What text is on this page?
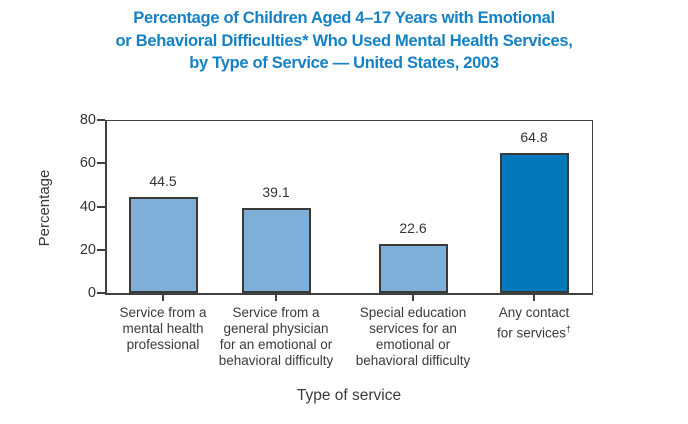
Percentage of Children Aged 4–17 Years with Emotional
or Behavioral Difficulties* Who Used Mental Health Services,
by Type of Service — United States, 2003
Percentage
0
20
40
60
80
44.5
Service from a
mental health
professional
39.1
Service from a
general physician
for an emotional or
behavioral difficulty
22.6
Special education
services for an
emotional or
behavioral difficulty
64.8
Any contact
for services†
Type of service
